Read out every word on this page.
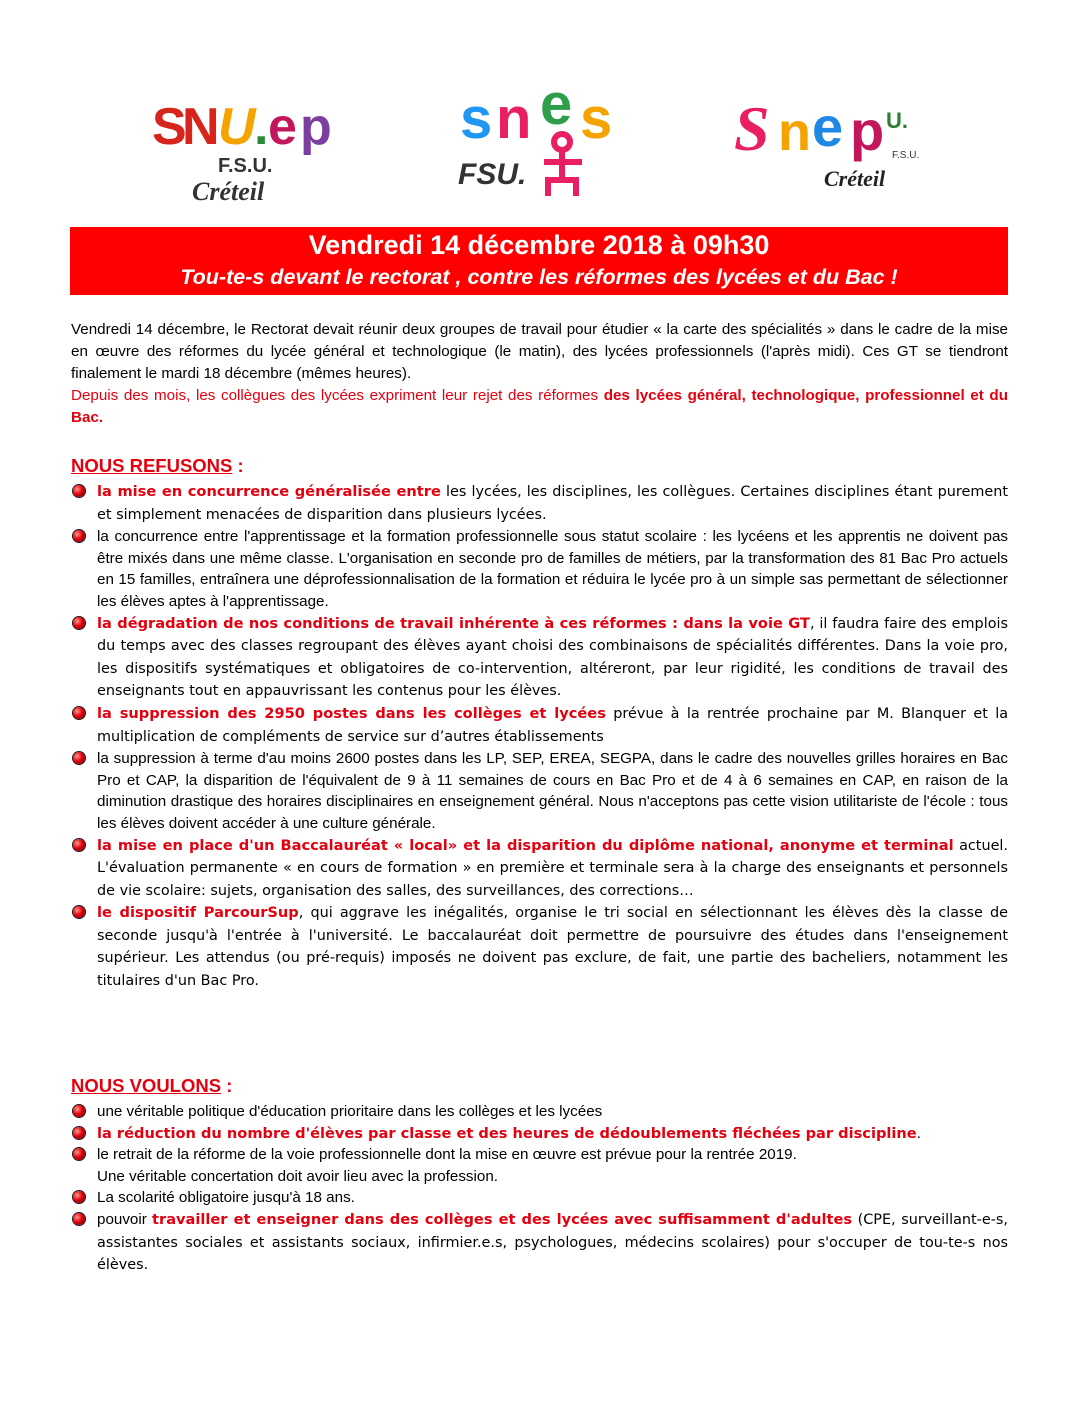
S
N
U
. e p
F.S.U.
Créteil
s n e s
FSU.
S n e p U.
F.S.U.
Créteil
Vendredi 14 décembre 2018 à 09h30
Tou-te-s devant le rectorat , contre les réformes des lycées et du Bac !

Vendredi 14 décembre, le Rectorat devait réunir deux groupes de travail pour étudier « la carte des spécialités » dans le cadre de la mise en œuvre des réformes du lycée général et technologique (le matin), des lycées professionnels (l'après midi). Ces GT se tiendront finalement le mardi 18 décembre (mêmes heures).

Depuis des mois, les collègues des lycées expriment leur rejet des réformes des lycées général, technologique, professionnel et du Bac.

NOUS REFUSONS :
la mise en concurrence généralisée entre les lycées, les disciplines, les collègues. Certaines disciplines étant purement et simplement menacées de disparition dans plusieurs lycées.
la concurrence entre l'apprentissage et la formation professionnelle sous statut scolaire : les lycéens et les apprentis ne doivent pas être mixés dans une même classe. L'organisation en seconde pro de familles de métiers, par la transformation des 81 Bac Pro actuels en 15 familles, entraînera une déprofessionnalisation de la formation et réduira le lycée pro à un simple sas permettant de sélectionner les élèves aptes à l'apprentissage.
la dégradation de nos conditions de travail inhérente à ces réformes : dans la voie GT, il faudra faire des emplois du temps avec des classes regroupant des élèves ayant choisi des combinaisons de spécialités différentes. Dans la voie pro, les dispositifs systématiques et obligatoires de co-intervention, altéreront, par leur rigidité, les conditions de travail des enseignants tout en appauvrissant les contenus pour les élèves.
la suppression des 2950 postes dans les collèges et lycées prévue à la rentrée prochaine par M. Blanquer et la multiplication de compléments de service sur d’autres établissements
la suppression à terme d'au moins 2600 postes dans les LP, SEP, EREA, SEGPA, dans le cadre des nouvelles grilles horaires en Bac Pro et CAP, la disparition de l'équivalent de 9 à 11 semaines de cours en Bac Pro et de 4 à 6 semaines en CAP, en raison de la diminution drastique des horaires disciplinaires en enseignement général. Nous n'acceptons pas cette vision utilitariste de l'école : tous les élèves doivent accéder à une culture générale.
la mise en place d'un Baccalauréat « local» et la disparition du diplôme national, anonyme et terminal actuel. L'évaluation permanente « en cours de formation » en première et terminale sera à la charge des enseignants et personnels de vie scolaire: sujets, organisation des salles, des surveillances, des corrections…
le dispositif ParcourSup, qui aggrave les inégalités, organise le tri social en sélectionnant les élèves dès la classe de seconde jusqu'à l'entrée à l'université. Le baccalauréat doit permettre de poursuivre des études dans l'enseignement supérieur. Les attendus (ou pré-requis) imposés ne doivent pas exclure, de fait, une partie des bacheliers, notamment les titulaires d'un Bac Pro.
NOUS VOULONS :
une véritable politique d'éducation prioritaire dans les collèges et les lycées
la réduction du nombre d'élèves par classe et des heures de dédoublements fléchées par discipline.
le retrait de la réforme de la voie professionnelle dont la mise en œuvre est prévue pour la rentrée 2019.
Une véritable concertation doit avoir lieu avec la profession.
La scolarité obligatoire jusqu'à 18 ans.
pouvoir travailler et enseigner dans des collèges et des lycées avec suffisamment d'adultes (CPE, surveillant-e-s, assistantes sociales et assistants sociaux, infirmier.e.s, psychologues, médecins scolaires) pour s'occuper de tou-te-s nos élèves.
